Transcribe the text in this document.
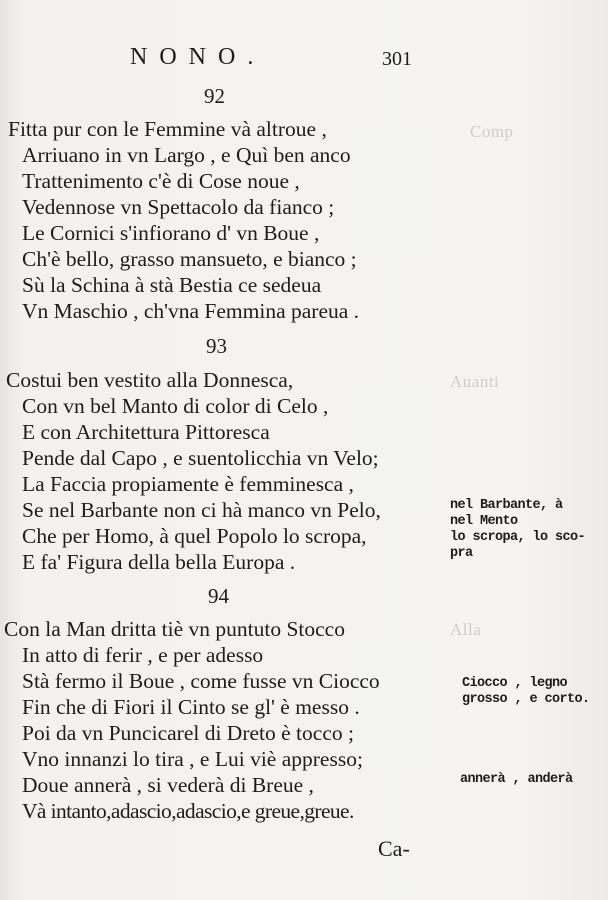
Comp
Auanti
Alla
NONO.	301
92
Fitta pur con le Femmine và altroue ,
Arriuano in vn Largo , e Quì ben anco
Trattenimento c'è di Cose noue ,
Vedennose vn Spettacolo da fianco ;
Le Cornici s'infiorano d' vn Boue ,
Ch'è bello, grasso mansueto, e bianco ;
Sù la Schina à stà Bestia ce sedeua
Vn Maschio , ch'vna Femmina pareua .
93
Costui ben vestito alla Donnesca,
Con vn bel Manto di color di Celo ,
E con Architettura Pittoresca
Pende dal Capo , e suentolicchia vn Velo;
La Faccia propiamente è femminesca ,
Se nel Barbante non ci hà manco vn Pelo,
Che per Homo, à quel Popolo lo scropa,
E fa' Figura della bella Europa .
nel Barbante, à
nel Mento
lo scropa, lo sco-
pra
94
Con la Man dritta tiè vn puntuto Stocco
In atto di ferir , e per adesso
Stà fermo il Boue , come fusse vn Ciocco
Fin che di Fiori il Cinto se gl' è messo .
Poi da vn Puncicarel di Dreto è tocco ;
Vno innanzi lo tira , e Lui viè appresso;
Doue annerà , si vederà di Breue ,
Và intanto,adascio,adascio,e greue,greue.
Ciocco , legno
grosso , e corto.
annerà , anderà
Ca-
